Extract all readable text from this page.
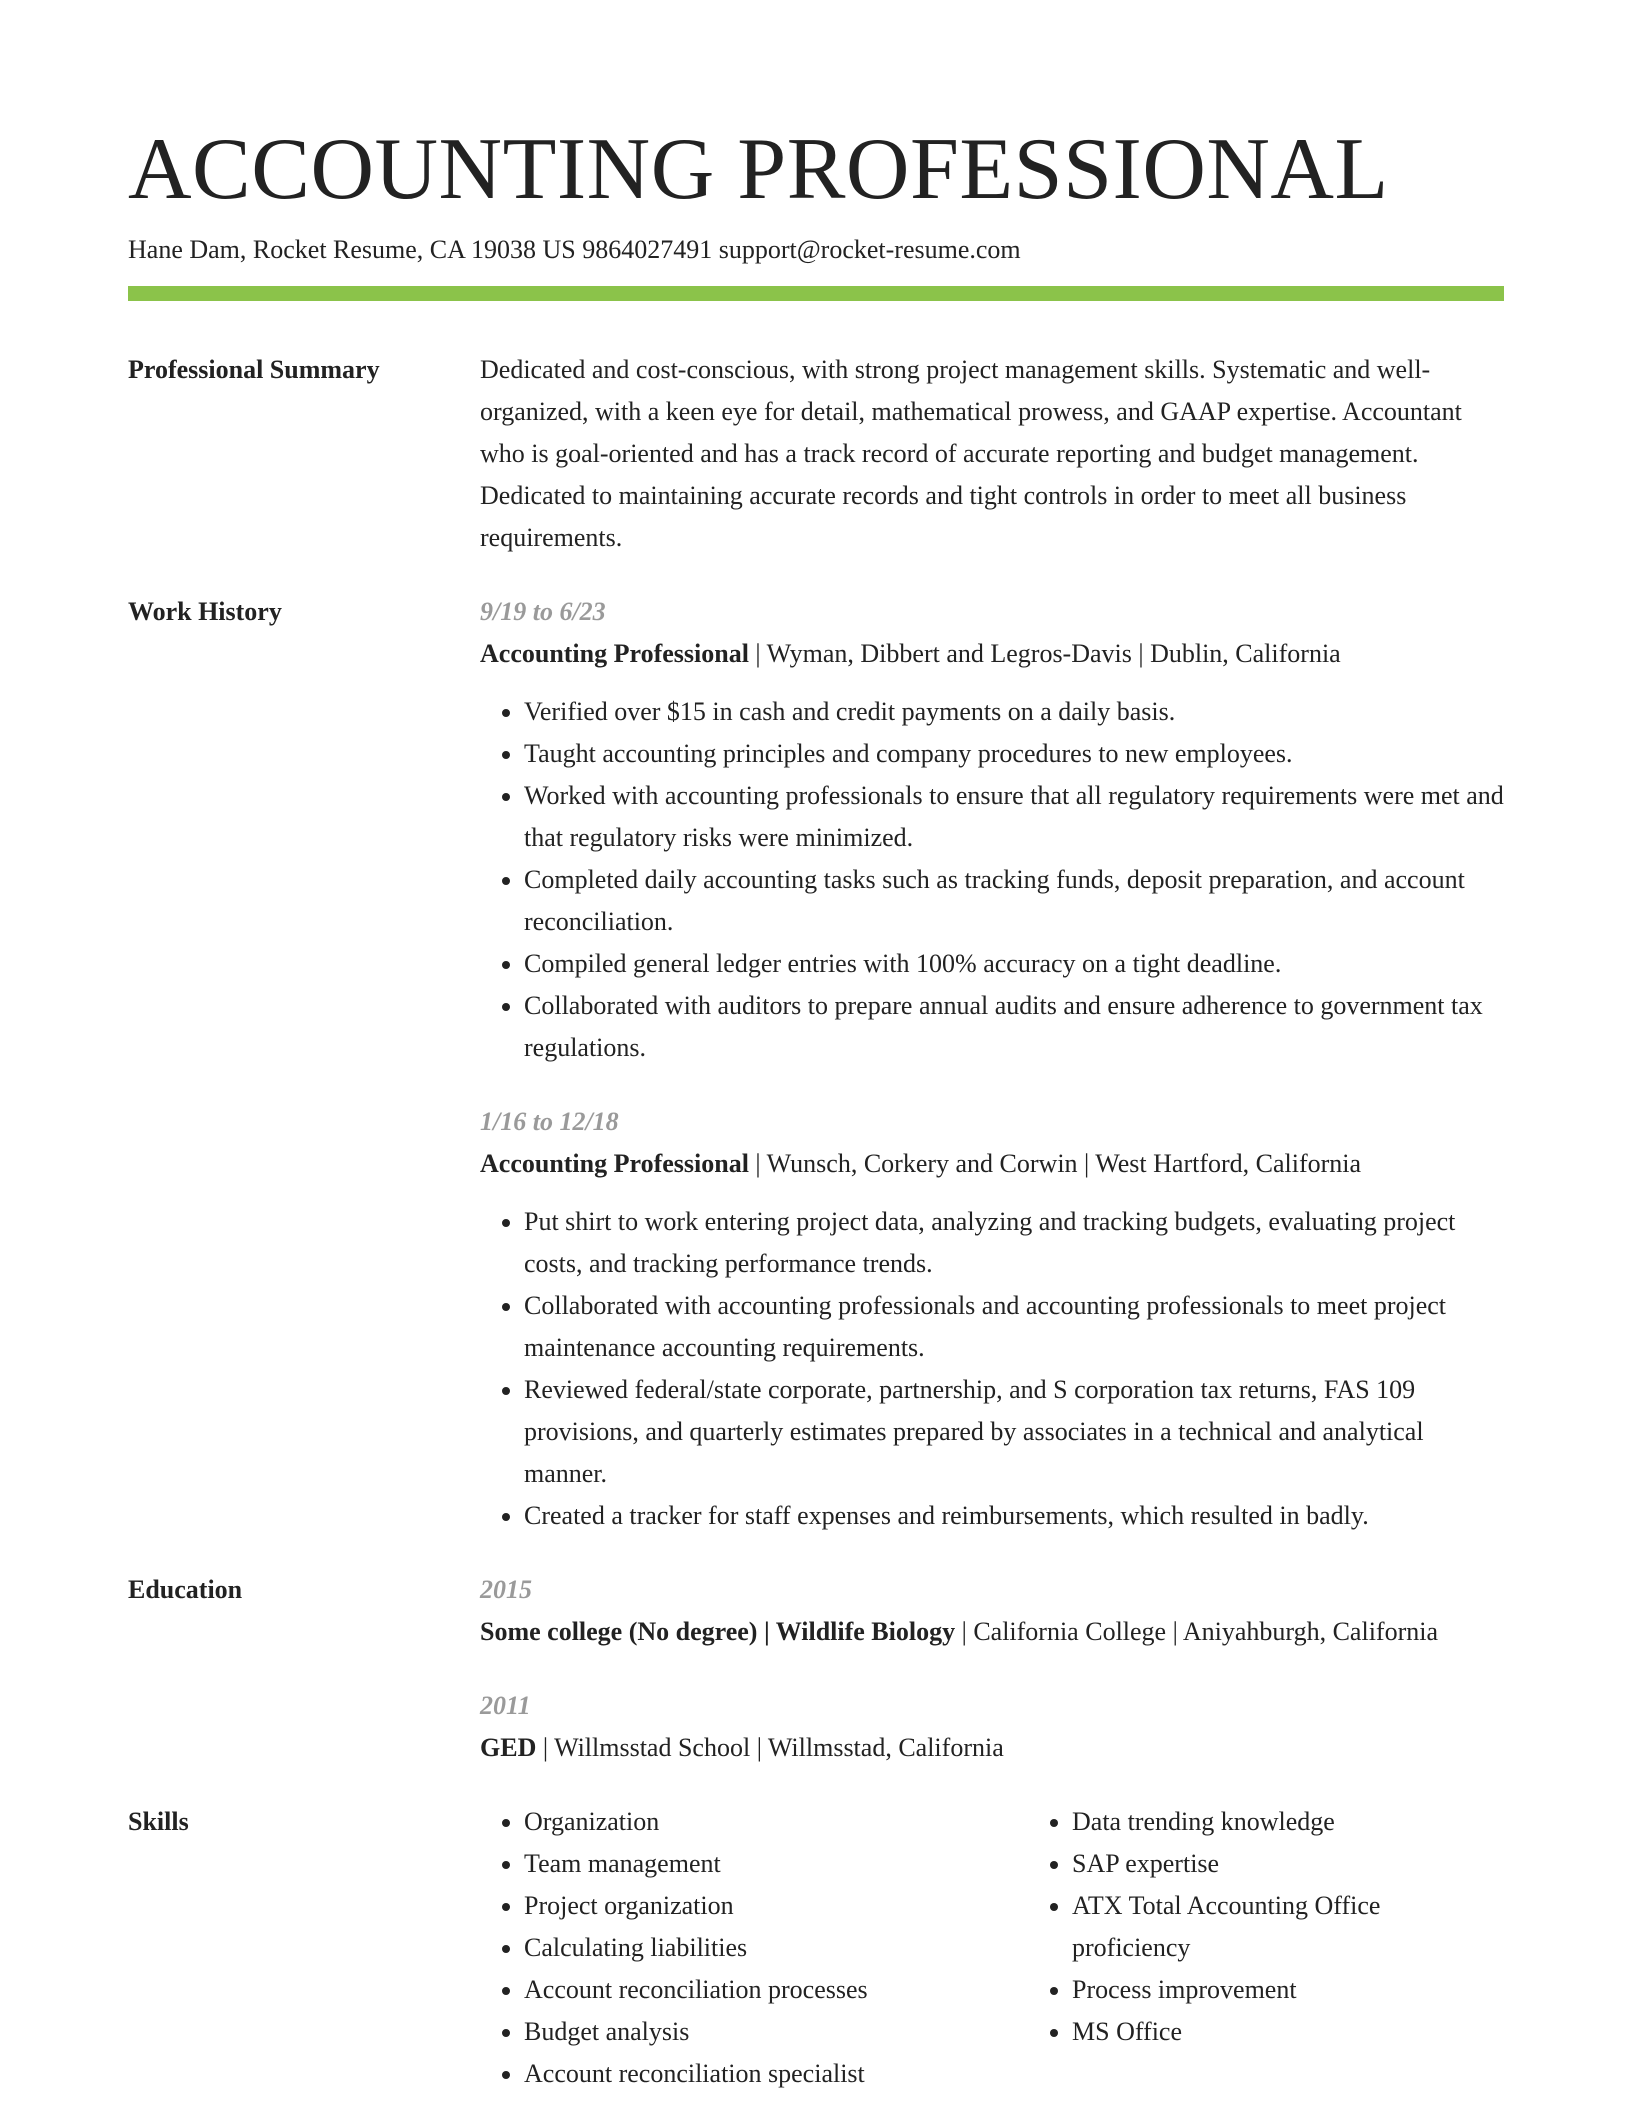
ACCOUNTING PROFESSIONAL
Hane Dam, Rocket Resume, CA 19038 US 9864027491 support@rocket-resume.com
Professional Summary	Dedicated and cost-conscious, with strong project management skills. Systematic and well-organized, with a keen eye for detail, mathematical prowess, and GAAP expertise. Accountant who is goal-oriented and has a track record of accurate reporting and budget management. Dedicated to maintaining accurate records and tight controls in order to meet all business requirements.

Work History	9/19 to 6/23

Accounting Professional | Wyman, Dibbert and Legros-Davis | Dublin, California

• Verified over $15 in cash and credit payments on a daily basis.
• Taught accounting principles and company procedures to new employees.
• Worked with accounting professionals to ensure that all regulatory requirements were met and that regulatory risks were minimized.
• Completed daily accounting tasks such as tracking funds, deposit preparation, and account reconciliation.
• Compiled general ledger entries with 100% accuracy on a tight deadline.
• Collaborated with auditors to prepare annual audits and ensure adherence to government tax regulations.
1/16 to 12/18

Accounting Professional | Wunsch, Corkery and Corwin | West Hartford, California

• Put shirt to work entering project data, analyzing and tracking budgets, evaluating project costs, and tracking performance trends.
• Collaborated with accounting professionals and accounting professionals to meet project maintenance accounting requirements.
• Reviewed federal/state corporate, partnership, and S corporation tax returns, FAS 109 provisions, and quarterly estimates prepared by associates in a technical and analytical manner.
• Created a tracker for staff expenses and reimbursements, which resulted in badly.
Education	2015

Some college (No degree) | Wildlife Biology | California College | Aniyahburgh, California

2011

GED | Willmsstad School | Willmsstad, California

Skills
•	Organization
• Team management
• Project organization
• Calculating liabilities
• Account reconciliation processes
• Budget analysis
• Account reconciliation specialist
• Data trending knowledge
• SAP expertise
• ATX Total Accounting Office proficiency
• Process improvement
• MS Office
